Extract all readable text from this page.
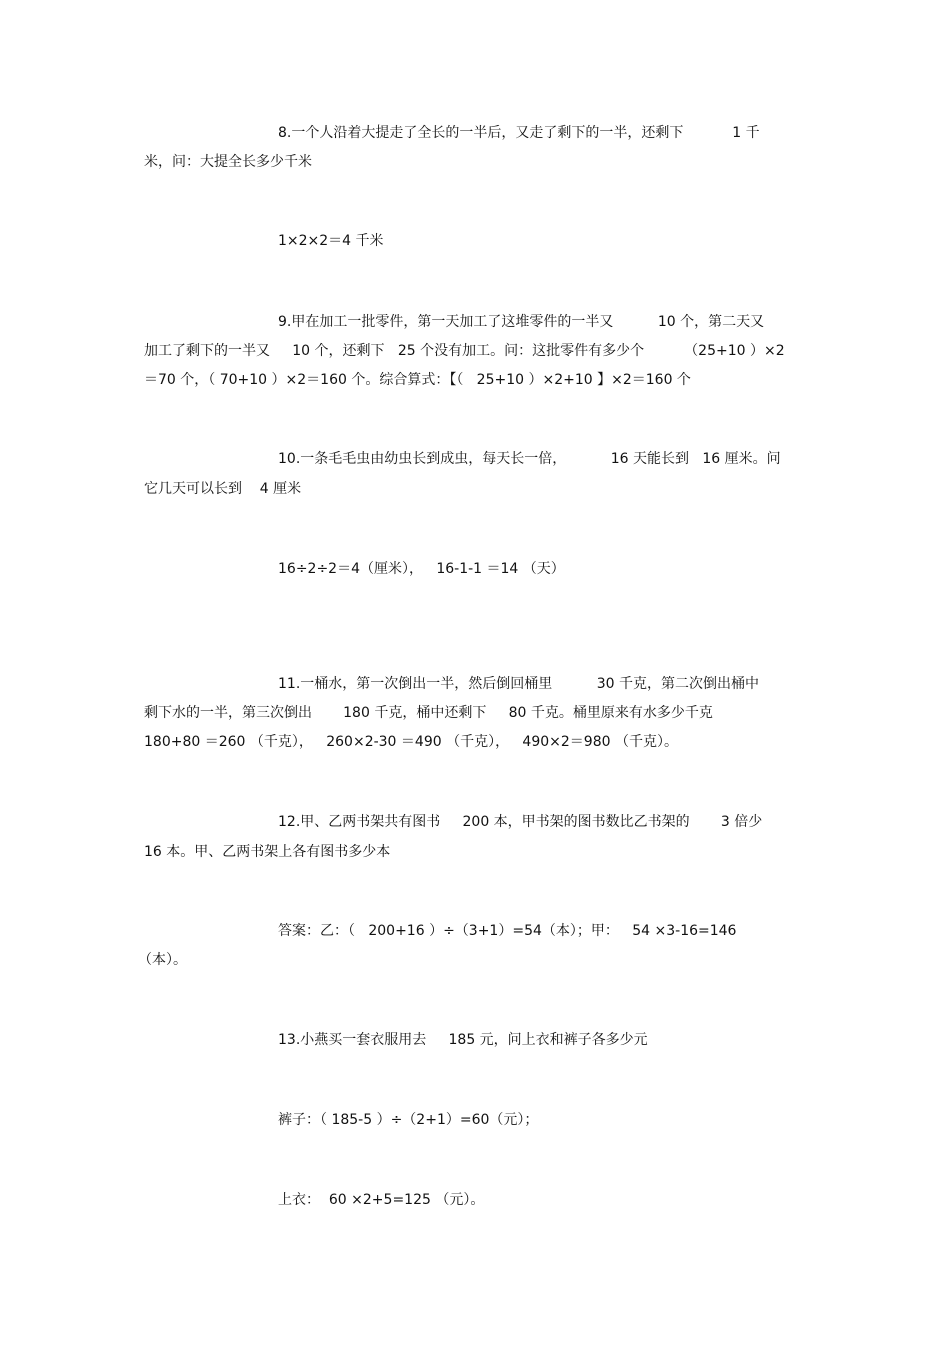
8.一个人沿着大提走了全长的一半后，又走了剩下的一半，还剩下           1 千
米，问：大提全长多少千米
1×2×2＝4 千米
9.甲在加工一批零件，第一天加工了这堆零件的一半又          10 个，第二天又
加工了剩下的一半又     10 个，还剩下   25 个没有加工。问：这批零件有多少个         （25+10 ）×2
＝70 个，（ 70+10 ）×2＝160 个。综合算式：【（   25+10 ）×2+10 】×2＝160 个
10.一条毛毛虫由幼虫长到成虫，每天长一倍，          16 天能长到   16 厘米。问
它几天可以长到    4 厘米
16÷2÷2＝4（厘米），   16-1-1 ＝14 （天）
11.一桶水，第一次倒出一半，然后倒回桶里          30 千克，第二次倒出桶中
剩下水的一半，第三次倒出       180 千克，桶中还剩下     80 千克。桶里原来有水多少千克
180+80 ＝260 （千克），   260×2-30 ＝490 （千克），   490×2＝980 （千克）。
12.甲、乙两书架共有图书     200 本，甲书架的图书数比乙书架的       3 倍少
16 本。甲、乙两书架上各有图书多少本
答案：乙：（   200+16 ）÷（3+1）=54（本）；甲：   54 ×3-16=146
（本）。
13.小燕买一套衣服用去     185 元，问上衣和裤子各多少元
裤子：（ 185-5 ）÷（2+1）=60（元）；
上衣：  60 ×2+5=125 （元）。
